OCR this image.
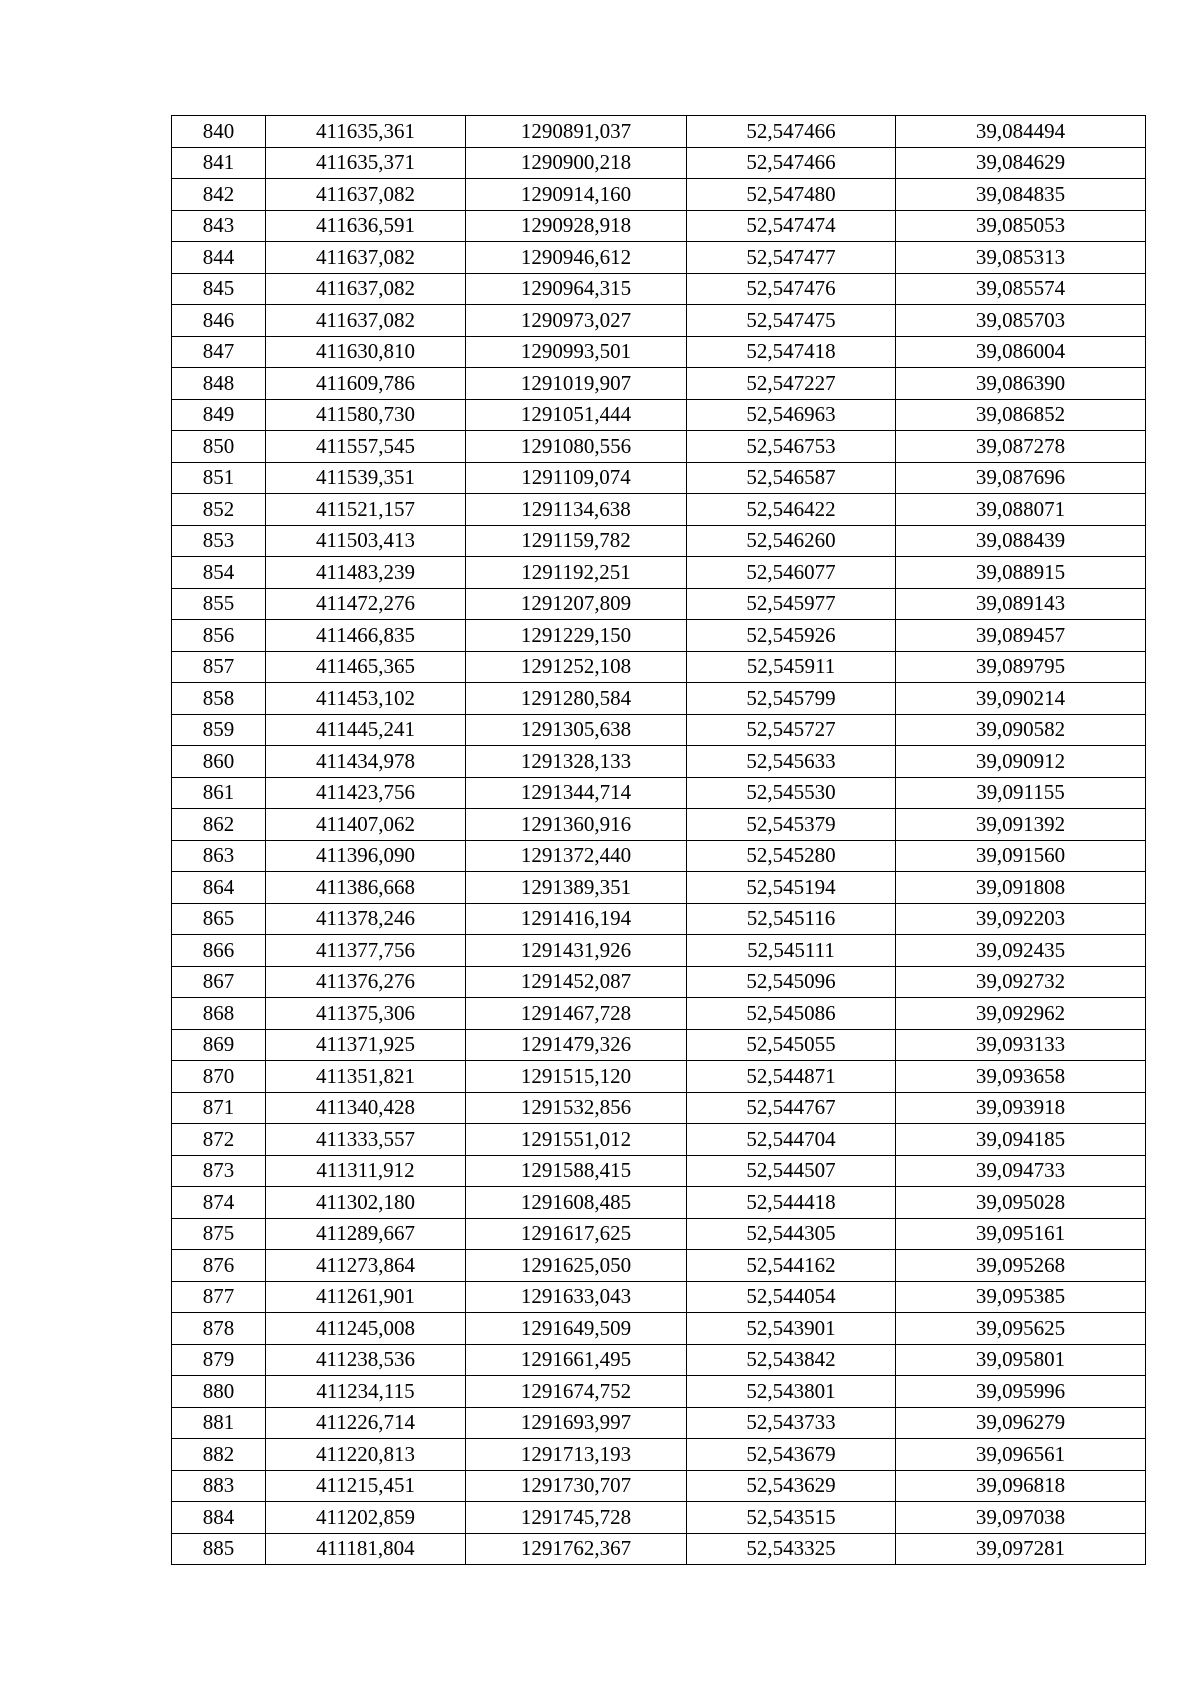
840	411635,361	1290891,037	52,547466	39,084494
841	411635,371	1290900,218	52,547466	39,084629
842	411637,082	1290914,160	52,547480	39,084835
843	411636,591	1290928,918	52,547474	39,085053
844	411637,082	1290946,612	52,547477	39,085313
845	411637,082	1290964,315	52,547476	39,085574
846	411637,082	1290973,027	52,547475	39,085703
847	411630,810	1290993,501	52,547418	39,086004
848	411609,786	1291019,907	52,547227	39,086390
849	411580,730	1291051,444	52,546963	39,086852
850	411557,545	1291080,556	52,546753	39,087278
851	411539,351	1291109,074	52,546587	39,087696
852	411521,157	1291134,638	52,546422	39,088071
853	411503,413	1291159,782	52,546260	39,088439
854	411483,239	1291192,251	52,546077	39,088915
855	411472,276	1291207,809	52,545977	39,089143
856	411466,835	1291229,150	52,545926	39,089457
857	411465,365	1291252,108	52,545911	39,089795
858	411453,102	1291280,584	52,545799	39,090214
859	411445,241	1291305,638	52,545727	39,090582
860	411434,978	1291328,133	52,545633	39,090912
861	411423,756	1291344,714	52,545530	39,091155
862	411407,062	1291360,916	52,545379	39,091392
863	411396,090	1291372,440	52,545280	39,091560
864	411386,668	1291389,351	52,545194	39,091808
865	411378,246	1291416,194	52,545116	39,092203
866	411377,756	1291431,926	52,545111	39,092435
867	411376,276	1291452,087	52,545096	39,092732
868	411375,306	1291467,728	52,545086	39,092962
869	411371,925	1291479,326	52,545055	39,093133
870	411351,821	1291515,120	52,544871	39,093658
871	411340,428	1291532,856	52,544767	39,093918
872	411333,557	1291551,012	52,544704	39,094185
873	411311,912	1291588,415	52,544507	39,094733
874	411302,180	1291608,485	52,544418	39,095028
875	411289,667	1291617,625	52,544305	39,095161
876	411273,864	1291625,050	52,544162	39,095268
877	411261,901	1291633,043	52,544054	39,095385
878	411245,008	1291649,509	52,543901	39,095625
879	411238,536	1291661,495	52,543842	39,095801
880	411234,115	1291674,752	52,543801	39,095996
881	411226,714	1291693,997	52,543733	39,096279
882	411220,813	1291713,193	52,543679	39,096561
883	411215,451	1291730,707	52,543629	39,096818
884	411202,859	1291745,728	52,543515	39,097038
885	411181,804	1291762,367	52,543325	39,097281
